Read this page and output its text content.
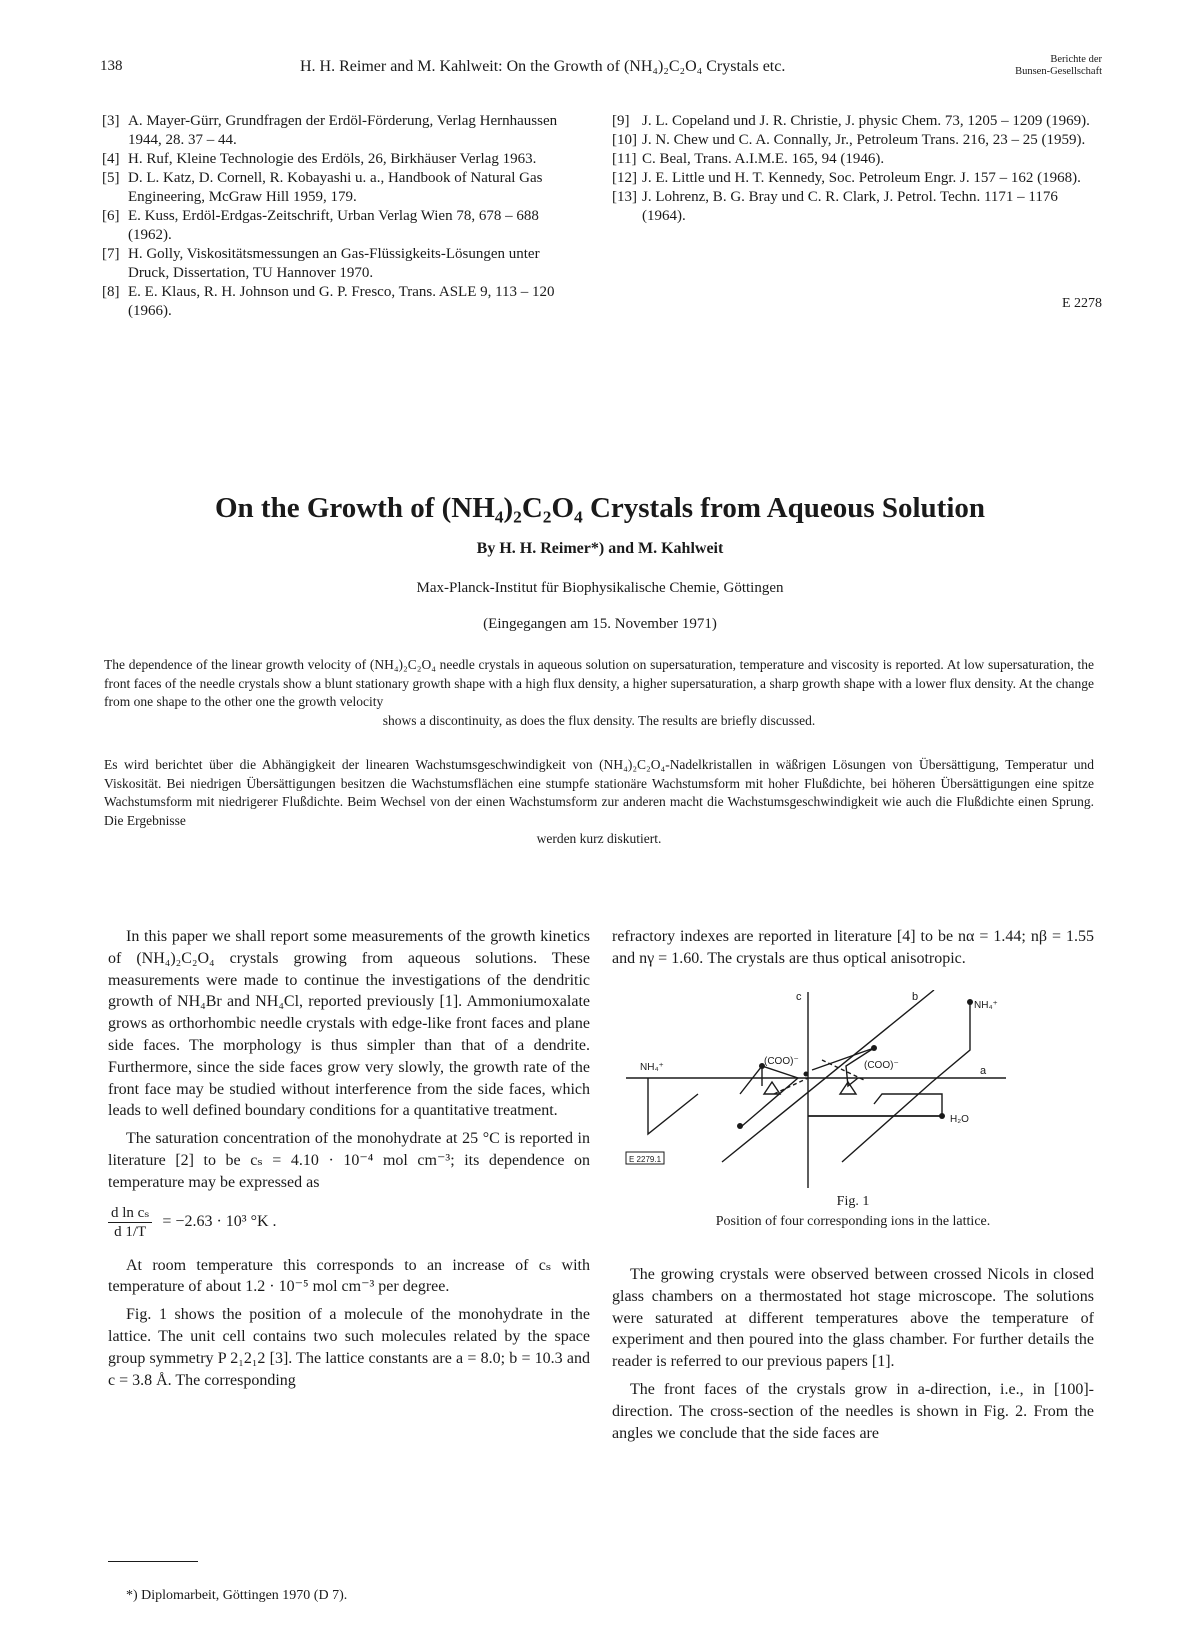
138	H. H. Reimer and M. Kahlweit: On the Growth of (NH₄)₂C₂O₄ Crystals etc.	Berichte der
Bunsen-Gesellschaft
[3] A. Mayer-Gürr, Grundfragen der Erdöl-Förderung, Verlag Hernhaussen 1944, 28. 37 – 44.
[4] H. Ruf, Kleine Technologie des Erdöls, 26, Birkhäuser Verlag 1963.
[5] D. L. Katz, D. Cornell, R. Kobayashi u. a., Handbook of Natural Gas Engineering, McGraw Hill 1959, 179.
[6] E. Kuss, Erdöl-Erdgas-Zeitschrift, Urban Verlag Wien 78, 678 – 688 (1962).
[7] H. Golly, Viskositätsmessungen an Gas-Flüssigkeits-Lösungen unter Druck, Dissertation, TU Hannover 1970.
[8] E. E. Klaus, R. H. Johnson und G. P. Fresco, Trans. ASLE 9, 113 – 120 (1966).
[9] J. L. Copeland und J. R. Christie, J. physic Chem. 73, 1205 – 1209 (1969).
[10] J. N. Chew und C. A. Connally, Jr., Petroleum Trans. 216, 23 – 25 (1959).
[11] C. Beal, Trans. A.I.M.E. 165, 94 (1946).
[12] J. E. Little und H. T. Kennedy, Soc. Petroleum Engr. J. 157 – 162 (1968).
[13] J. Lohrenz, B. G. Bray und C. R. Clark, J. Petrol. Techn. 1171 – 1176 (1964).
E 2278
On the Growth of (NH₄)₂C₂O₄ Crystals from Aqueous Solution
By H. H. Reimer*) and M. Kahlweit
Max-Planck-Institut für Biophysikalische Chemie, Göttingen
(Eingegangen am 15. November 1971)
The dependence of the linear growth velocity of (NH₄)₂C₂O₄ needle crystals in aqueous solution on supersaturation, temperature and viscosity is reported. At low supersaturation, the front faces of the needle crystals show a blunt stationary growth shape with a high flux density, a higher supersaturation, a sharp growth shape with a lower flux density. At the change from one shape to the other one the growth velocity
shows a discontinuity, as does the flux density. The results are briefly discussed.
Es wird berichtet über die Abhängigkeit der linearen Wachstumsgeschwindigkeit von (NH₄)₂C₂O₄-Nadelkristallen in wäßrigen Lösungen von Übersättigung, Temperatur und Viskosität. Bei niedrigen Übersättigungen besitzen die Wachstumsflächen eine stumpfe stationäre Wachstumsform mit hoher Flußdichte, bei höheren Übersättigungen eine spitze Wachstumsform mit niedrigerer Flußdichte. Beim Wechsel von der einen Wachstumsform zur anderen macht die Wachstumsgeschwindigkeit wie auch die Flußdichte einen Sprung. Die Ergebnisse
werden kurz diskutiert.

In this paper we shall report some measurements of the growth kinetics of (NH₄)₂C₂O₄ crystals growing from aqueous solutions. These measurements were made to continue the investigations of the dendritic growth of NH₄Br and NH₄Cl, reported previously [1]. Ammoniumoxalate grows as orthorhombic needle crystals with edge-like front faces and plane side faces. The morphology is thus simpler than that of a dendrite. Furthermore, since the side faces grow very slowly, the growth rate of the front face may be studied without interference from the side faces, which leads to well defined boundary conditions for a quantitative treatment.

The saturation concentration of the monohydrate at 25 °C is reported in literature [2] to be cₛ = 4.10 · 10⁻⁴ mol cm⁻³; its dependence on temperature may be expressed as

$\frac{\text{d ln cₛ}}{d 1/T} = -2.63 \cdot 10^3$ °K .

At room temperature this corresponds to an increase of cₛ with temperature of about 1.2 · 10⁻⁵ mol cm⁻³ per degree.

Fig. 1 shows the position of a molecule of the monohydrate in the lattice. The unit cell contains two such molecules related by the space group symmetry P 2₁2₁2 [3]. The lattice constants are a = 8.0; b = 10.3 and c = 3.8 Å. The corresponding

refractory indexes are reported in literature [4] to be nα = 1.44; nβ = 1.55 and nγ = 1.60. The crystals are thus optical anisotropic.

c	b
a
NH₄⁺
NH₄⁺
(COO)⁻	(COO)⁻
H₂O
E 2279.1
Fig. 1
Position of four corresponding ions in the lattice.

The growing crystals were observed between crossed Nicols in closed glass chambers on a thermostated hot stage microscope. The solutions were saturated at different temperatures above the temperature of experiment and then poured into the glass chamber. For further details the reader is referred to our previous papers [1].

The front faces of the crystals grow in a-direction, i.e., in [100]-direction. The cross-section of the needles is shown in Fig. 2. From the angles we conclude that the side faces are

*) Diplomarbeit, Göttingen 1970 (D 7).
